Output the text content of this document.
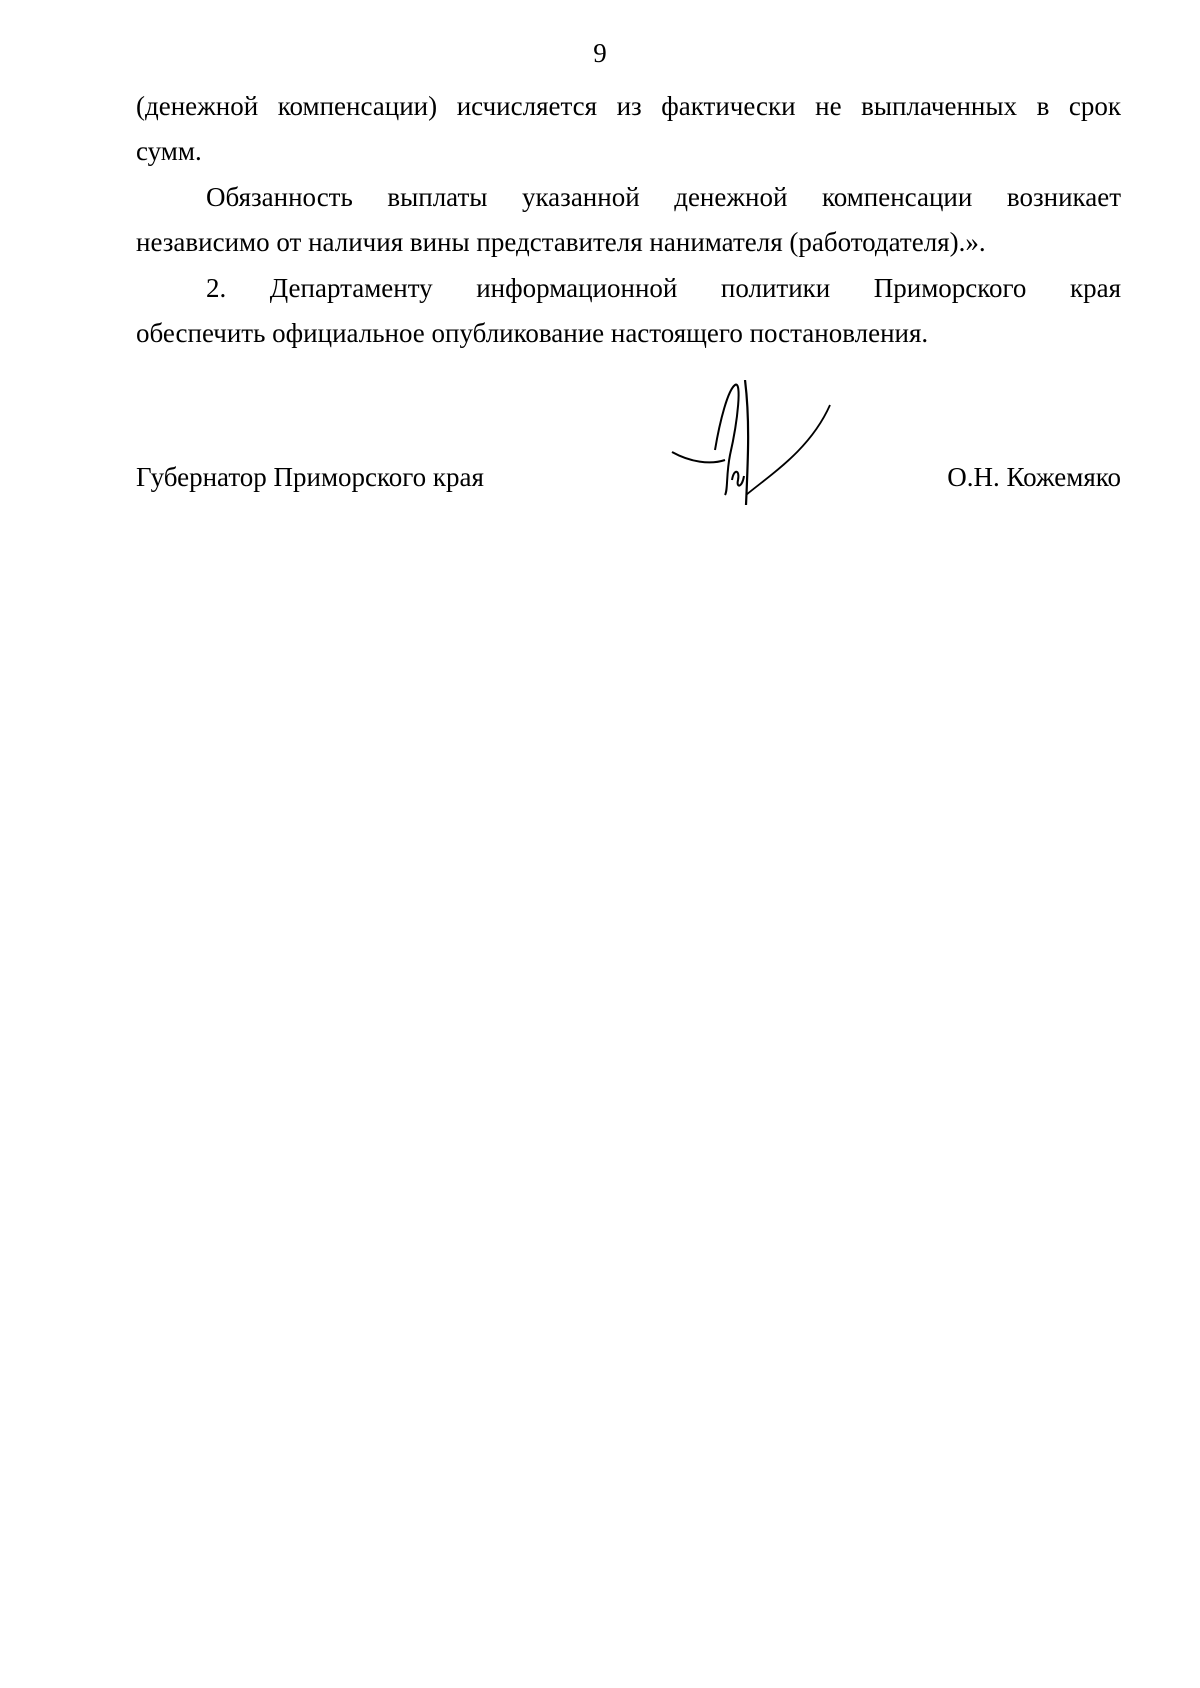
9
(денежной компенсации) исчисляется из фактически не выплаченных в срок
сумм.
Обязанность выплаты указанной денежной компенсации возникает
независимо от наличия вины представителя нанимателя (работодателя).».
2. Департаменту информационной политики Приморского края
обеспечить официальное опубликование настоящего постановления.
Губернатор Приморского края	О.Н. Кожемяко
